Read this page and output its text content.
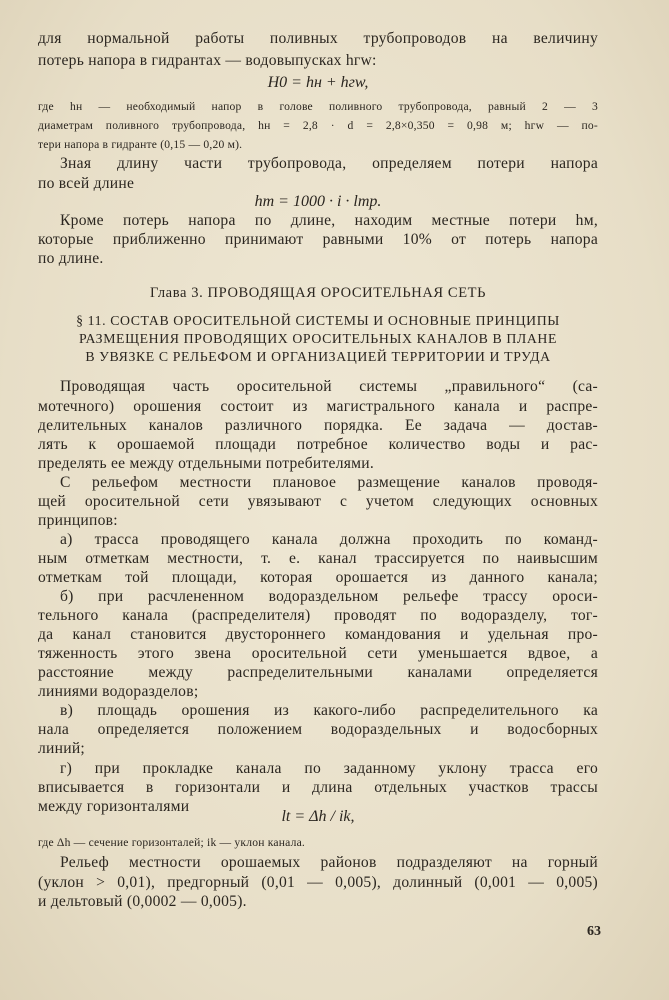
для нормальной работы поливных трубопроводов на величину
потерь напора в гидрантах — водовыпусках hгw:
H0 = hн + hгw,
где hн — необходимый напор в голове поливного трубопровода, равный 2 — 3
диаметрам поливного трубопровода, hн = 2,8 · d = 2,8×0,350 = 0,98 м; hгw — по-
тери напора в гидранте (0,15 — 0,20 м).
Зная длину части трубопровода, определяем потери напора
по всей длине
hт = 1000 · i · lтр.
Кроме потерь напора по длине, находим местные потери hм,
которые приближенно принимают равными 10% от потерь напора
по длине.
Глава 3. ПРОВОДЯЩАЯ ОРОСИТЕЛЬНАЯ СЕТЬ
§ 11. СОСТАВ ОРОСИТЕЛЬНОЙ СИСТЕМЫ И ОСНОВНЫЕ ПРИНЦИПЫ
РАЗМЕЩЕНИЯ ПРОВОДЯЩИХ ОРОСИТЕЛЬНЫХ КАНАЛОВ В ПЛАНЕ
В УВЯЗКЕ С РЕЛЬЕФОМ И ОРГАНИЗАЦИЕЙ ТЕРРИТОРИИ И ТРУДА
Проводящая часть оросительной системы „правильного“ (са-
мотечного) орошения состоит из магистрального канала и распре-
делительных каналов различного порядка. Ее задача — достав-
лять к орошаемой площади потребное количество воды и рас-
пределять ее между отдельными потребителями.
С рельефом местности плановое размещение каналов проводя-
щей оросительной сети увязывают с учетом следующих основных
принципов:
а) трасса проводящего канала должна проходить по команд-
ным отметкам местности, т. е. канал трассируется по наивысшим
отметкам той площади, которая орошается из данного канала;
б) при расчлененном водораздельном рельефе трассу ороси-
тельного канала (распределителя) проводят по водоразделу, тог-
да канал становится двустороннего командования и удельная про-
тяженность этого звена оросительной сети уменьшается вдвое, а
расстояние между распределительными каналами определяется
линиями водоразделов;
в) площадь орошения из какого-либо распределительного ка
нала определяется положением водораздельных и водосборных
линий;
г) при прокладке канала по заданному уклону трасса его
вписывается в горизонтали и длина отдельных участков трассы
между горизонталями
lt = Δh / ik,
где Δh — сечение горизонталей; ik — уклон канала.
Рельеф местности орошаемых районов подразделяют на горный
(уклон > 0,01), предгорный (0,01 — 0,005), долинный (0,001 — 0,005)
и дельтовый (0,0002 — 0,005).
63
